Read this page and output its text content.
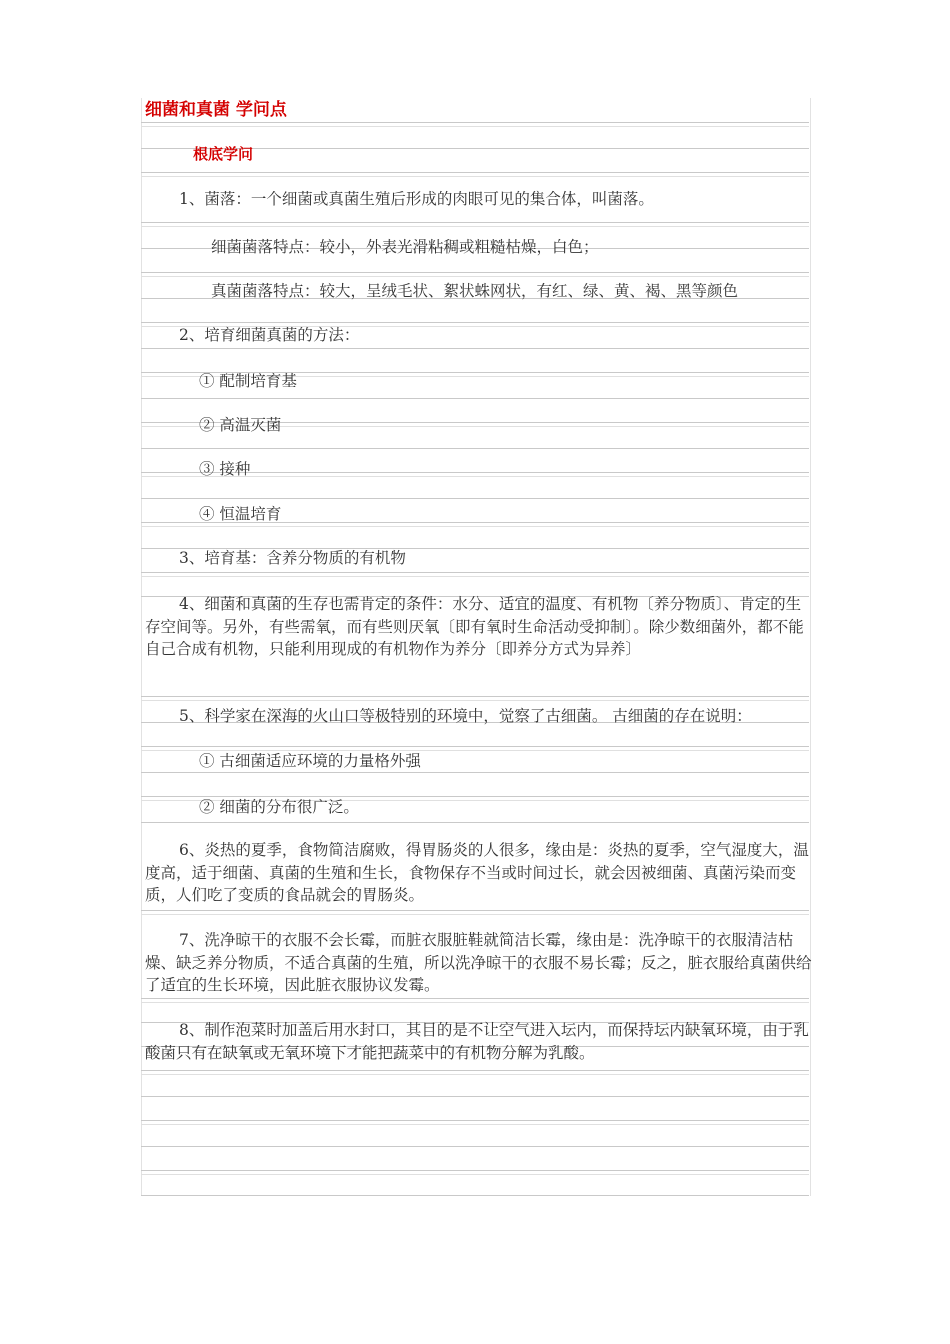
细菌和真菌 学问点
根底学问
1、菌落：一个细菌或真菌生殖后形成的肉眼可见的集合体，叫菌落。
细菌菌落特点：较小，外表光滑粘稠或粗糙枯燥，白色；
真菌菌落特点：较大，呈绒毛状、絮状蛛网状，有红、绿、黄、褐、黑等颜色
2、培育细菌真菌的方法：
① 配制培育基
② 高温灭菌
③ 接种
④ 恒温培育
3、培育基：含养分物质的有机物
4、细菌和真菌的生存也需肯定的条件：水分、适宜的温度、有机物〔养分物质〕、肯定的生存空间等。另外，有些需氧，而有些则厌氧〔即有氧时生命活动受抑制〕。除少数细菌外，都不能自己合成有机物，只能利用现成的有机物作为养分〔即养分方式为异养〕
5、科学家在深海的火山口等极特别的环境中，觉察了古细菌。 古细菌的存在说明：
① 古细菌适应环境的力量格外强
② 细菌的分布很广泛。
6、炎热的夏季，食物简洁腐败，得胃肠炎的人很多，缘由是：炎热的夏季，空气湿度大，温度高，适于细菌、真菌的生殖和生长，食物保存不当或时间过长，就会因被细菌、真菌污染而变质，人们吃了变质的食品就会的胃肠炎。
7、洗净晾干的衣服不会长霉，而脏衣服脏鞋就简洁长霉，缘由是：洗净晾干的衣服清洁枯燥、缺乏养分物质，不适合真菌的生殖，所以洗净晾干的衣服不易长霉；反之，脏衣服给真菌供给了适宜的生长环境，因此脏衣服协议发霉。
8、制作泡菜时加盖后用水封口，其目的是不让空气进入坛内，而保持坛内缺氧环境，由于乳酸菌只有在缺氧或无氧环境下才能把蔬菜中的有机物分解为乳酸。
